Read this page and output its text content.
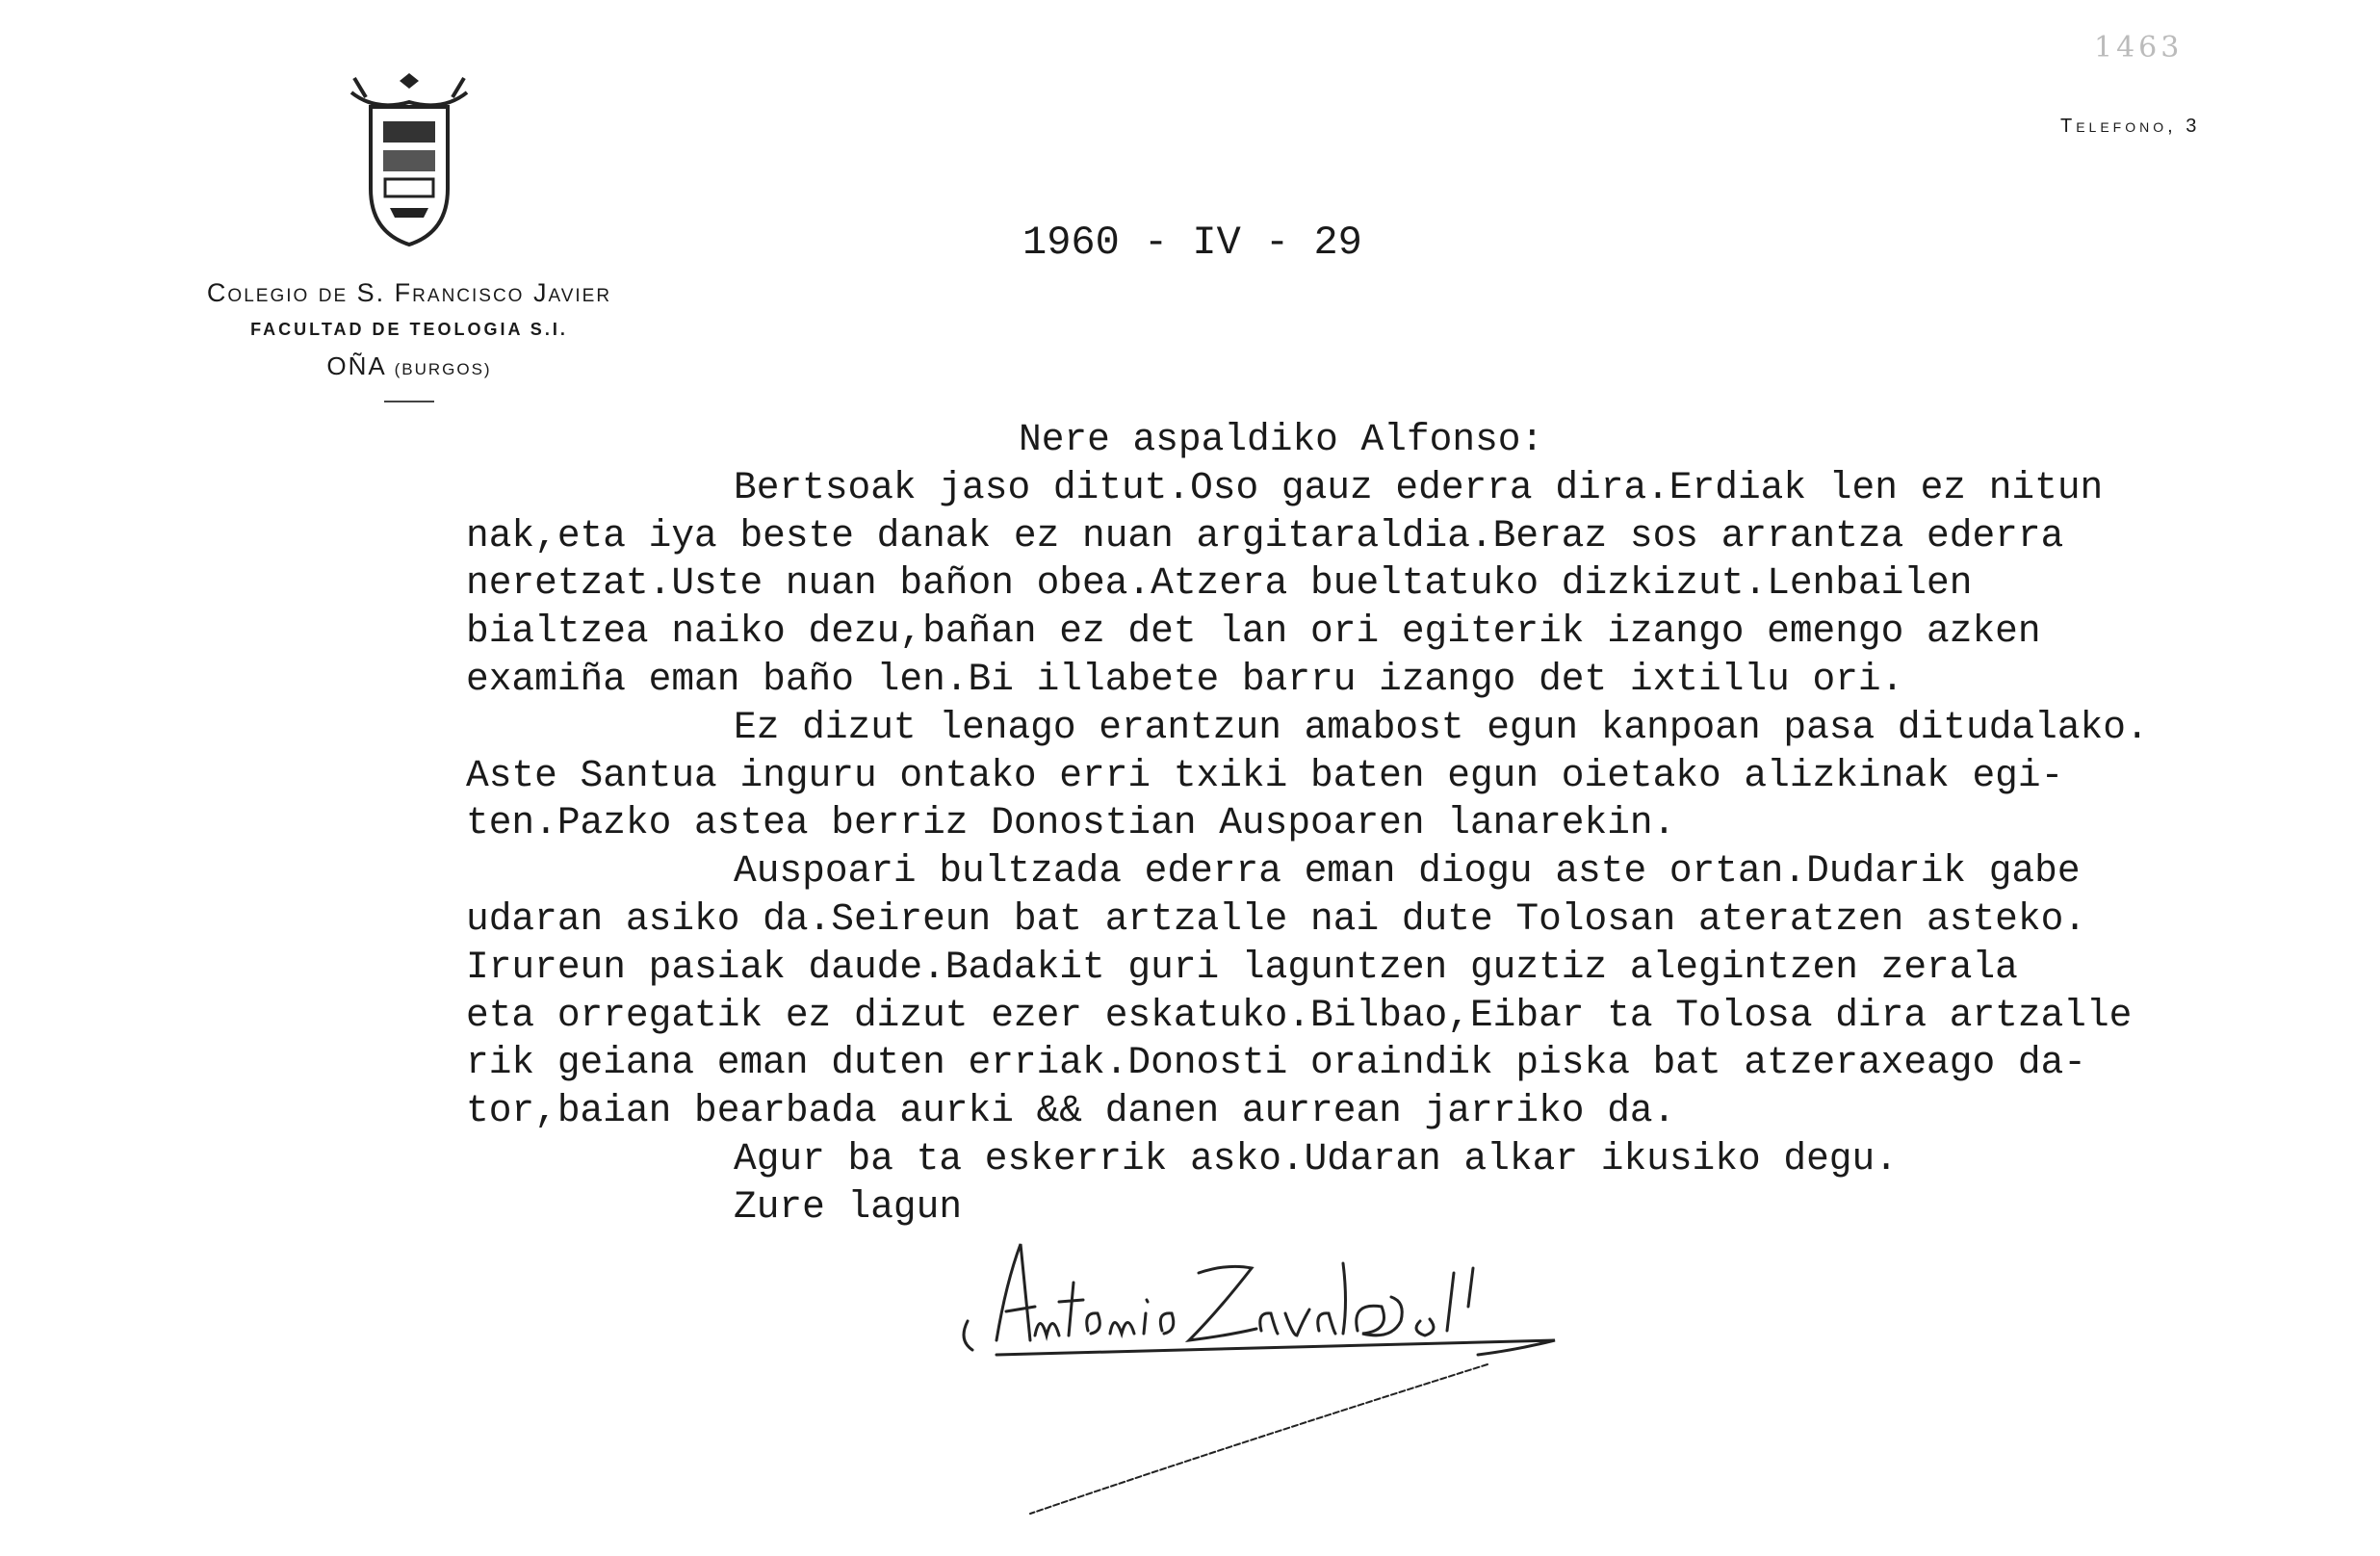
Colegio de S. Francisco Javier
FACULTAD DE TEOLOGIA S.I.
OÑA (BURGOS)
1463
Telefono, 3
1960 - IV - 29
Nere aspaldiko Alfonso:
Bertsoak jaso ditut.Oso gauz ederra dira.Erdiak len ez nitun
nak,eta iya beste danak ez nuan argitaraldia.Beraz sos arrantza ederra
neretzat.Uste nuan bañon obea.Atzera bueltatuko dizkizut.Lenbailen
bialtzea naiko dezu,bañan ez det lan ori egiterik izango emengo azken
examiña eman baño len.Bi illabete barru izango det ixtillu ori.
Ez dizut lenago erantzun amabost egun kanpoan pasa ditudalako.
Aste Santua inguru ontako erri txiki baten egun oietako alizkinak egi-
ten.Pazko astea berriz Donostian Auspoaren lanarekin.
Auspoari bultzada ederra eman diogu aste ortan.Dudarik gabe
udaran asiko da.Seireun bat artzalle nai dute Tolosan ateratzen asteko.
Irureun pasiak daude.Badakit guri laguntzen guztiz alegintzen zerala
eta orregatik ez dizut ezer eskatuko.Bilbao,Eibar ta Tolosa dira artzalle
rik geiana eman duten erriak.Donosti oraindik piska bat atzeraxeago da-
tor,baian bearbada aurki && danen aurrean jarriko da.
Agur ba ta eskerrik asko.Udaran alkar ikusiko degu.
Zure lagun
